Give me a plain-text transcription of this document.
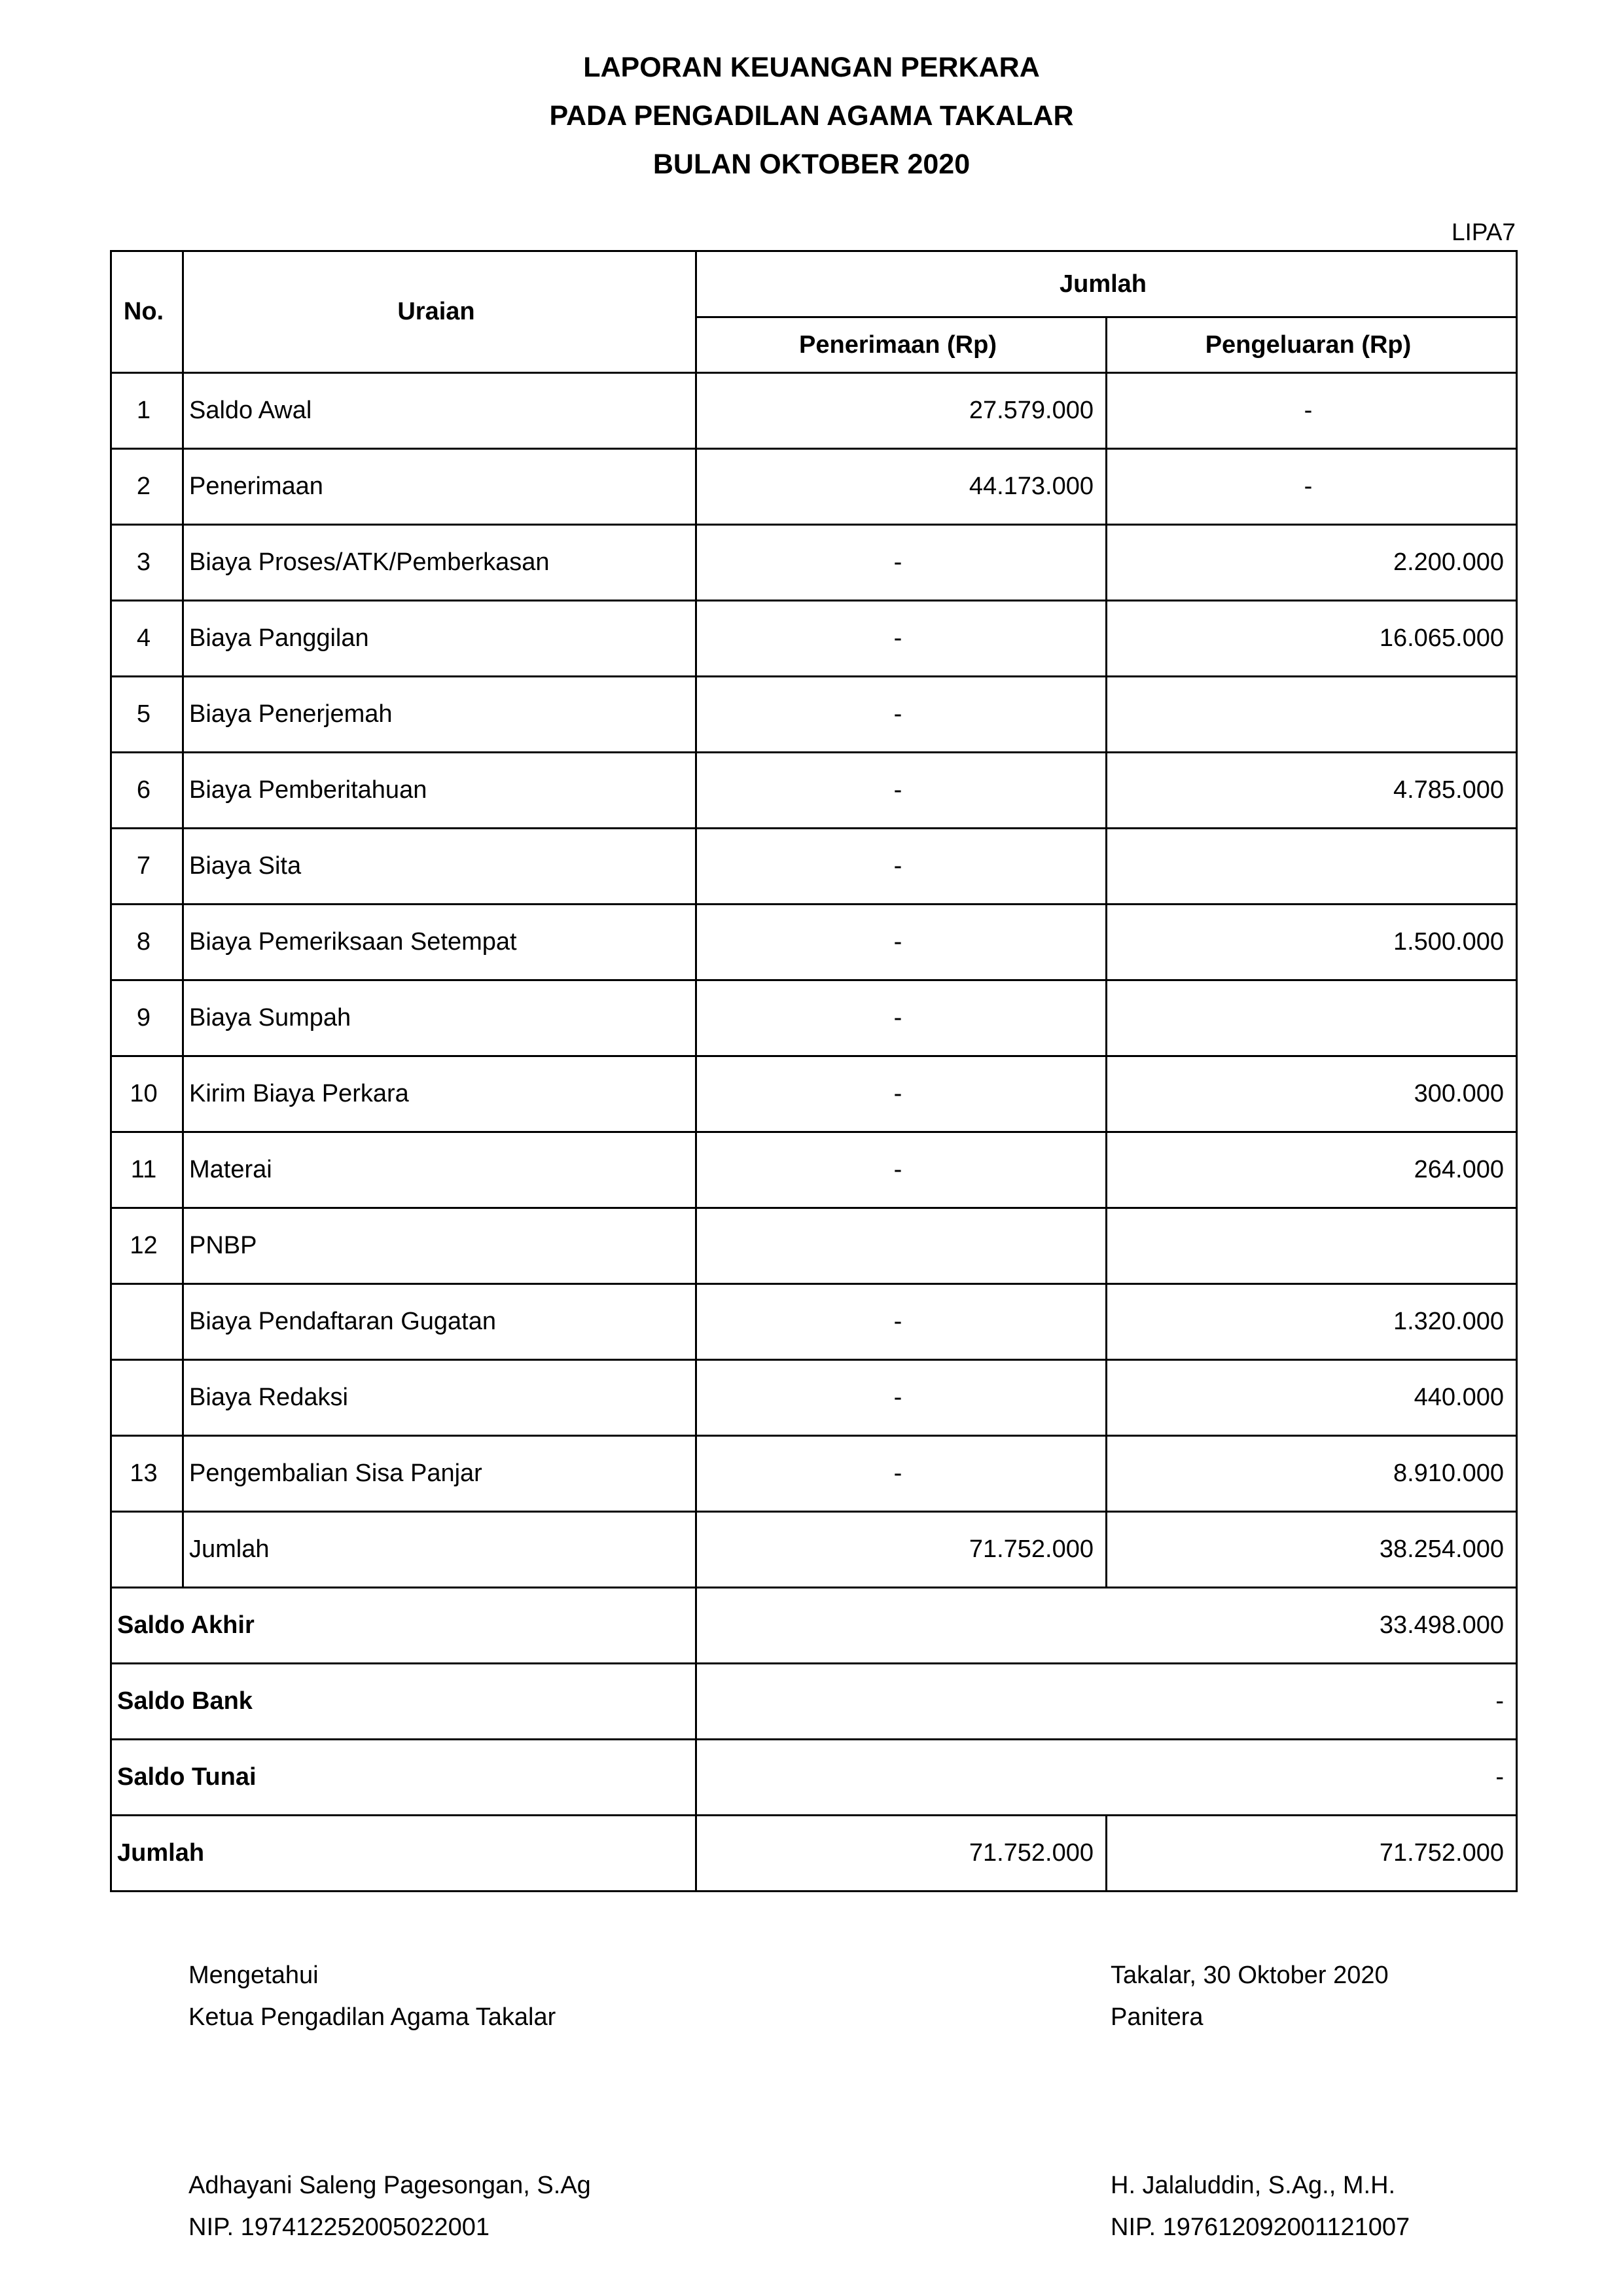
LAPORAN KEUANGAN PERKARA
PADA PENGADILAN AGAMA TAKALAR
BULAN OKTOBER 2020
LIPA7
No.	Uraian	Jumlah	
		Penerimaan (Rp)	Pengeluaran (Rp)
1	Saldo Awal	27.579.000	-
2	Penerimaan	44.173.000	-
3	Biaya Proses/ATK/Pemberkasan	-	2.200.000
4	Biaya Panggilan	-	16.065.000
5	Biaya Penerjemah	-	
6	Biaya Pemberitahuan	-	4.785.000
7	Biaya Sita	-	
8	Biaya Pemeriksaan Setempat	-	1.500.000
9	Biaya Sumpah	-	
10	Kirim Biaya Perkara	-	300.000
11	Materai	-	264.000
12	PNBP		
	Biaya Pendaftaran Gugatan	-	1.320.000
	Biaya Redaksi	-	440.000
13	Pengembalian Sisa Panjar	-	8.910.000
	Jumlah	71.752.000	38.254.000
Saldo Akhir		33.498.000	
Saldo Bank		-	
Saldo Tunai		-	
Jumlah		71.752.000	71.752.000
Mengetahui
Ketua Pengadilan Agama Takalar
Adhayani Saleng Pagesongan, S.Ag
NIP. 197412252005022001
Takalar, 30 Oktober 2020
Panitera
H. Jalaluddin, S.Ag., M.H.
NIP. 197612092001121007
